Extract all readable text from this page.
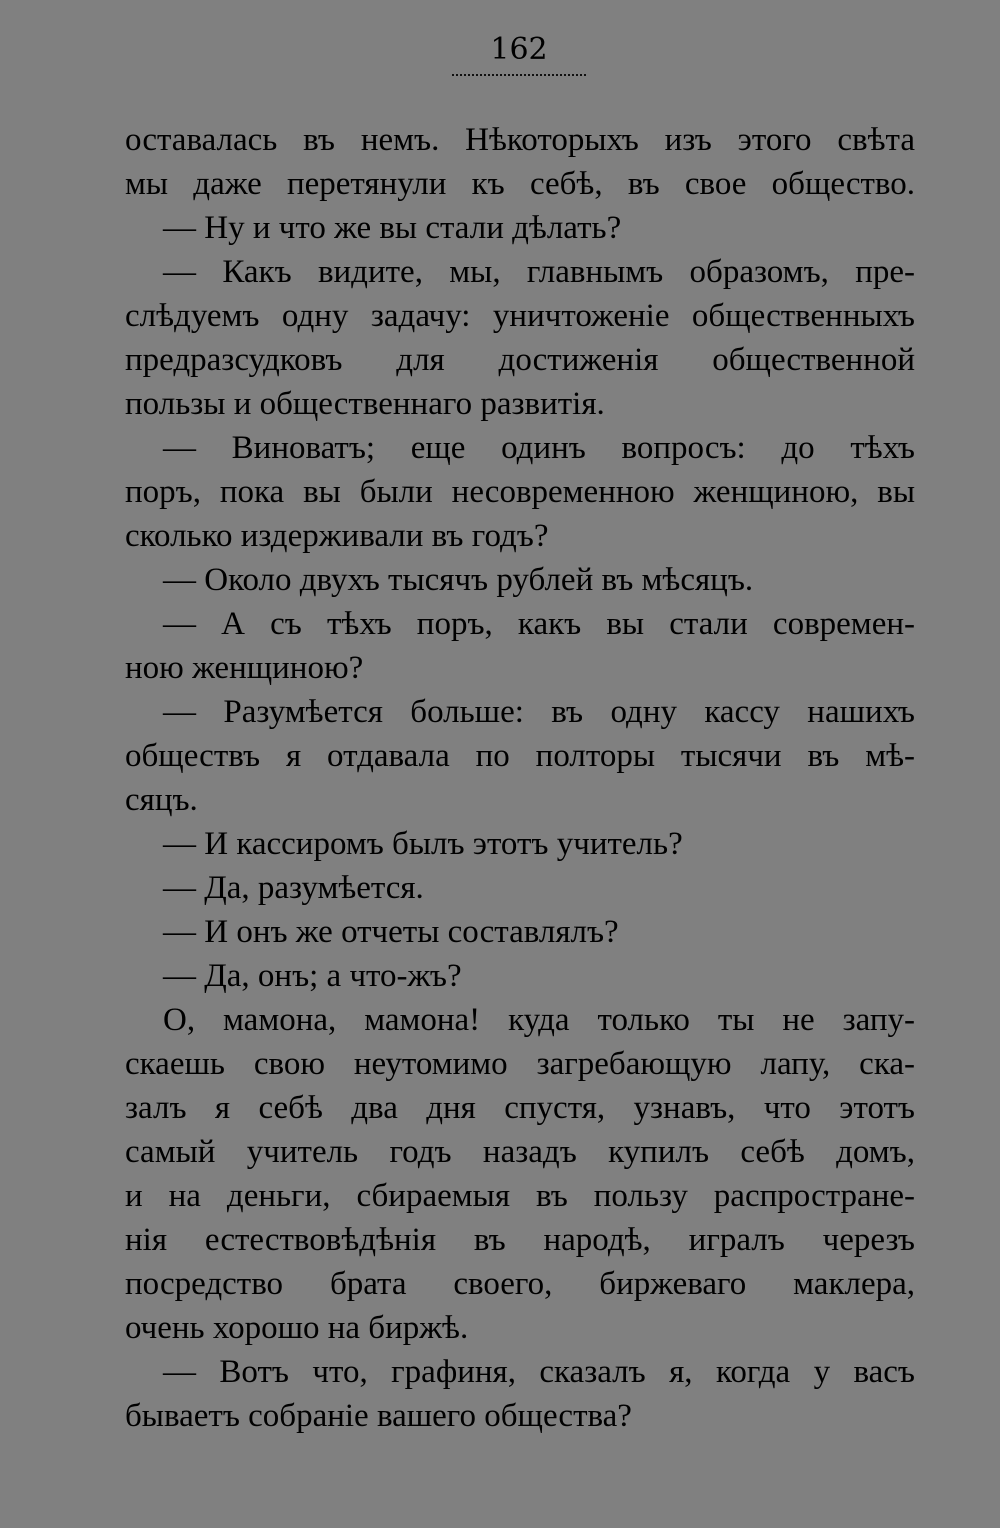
162
оставалась въ немъ. Нѣкоторыхъ изъ этого свѣта
мы даже перетянули къ себѣ, въ свое общество.
— Ну и что же вы стали дѣлать?
— Какъ видите, мы, главнымъ образомъ, пре-
слѣдуемъ одну задачу: уничтоженіе общественныхъ
предразсудковъ для достиженія общественной
пользы и общественнаго развитія.
— Виноватъ; еще одинъ вопросъ: до тѣхъ
поръ, пока вы были несовременною женщиною, вы
сколько издерживали въ годъ?
— Около двухъ тысячъ рублей въ мѣсяцъ.
— А съ тѣхъ поръ, какъ вы стали современ-
ною женщиною?
— Разумѣется больше: въ одну кассу нашихъ
обществъ я отдавала по полторы тысячи въ мѣ-
сяцъ.
— И кассиромъ былъ этотъ учитель?
— Да, разумѣется.
— И онъ же отчеты составлялъ?
— Да, онъ; а что-жъ?
О, мамона, мамона! куда только ты не запу-
скаешь свою неутомимо загребающую лапу, ска-
залъ я себѣ два дня спустя, узнавъ, что этотъ
самый учитель годъ назадъ купилъ себѣ домъ,
и на деньги, сбираемыя въ пользу распростране-
нія естествовѣдѣнія въ народѣ, игралъ черезъ
посредство брата своего, биржеваго маклера,
очень хорошо на биржѣ.
— Вотъ что, графиня, сказалъ я, когда у васъ
бываетъ собраніе вашего общества?
